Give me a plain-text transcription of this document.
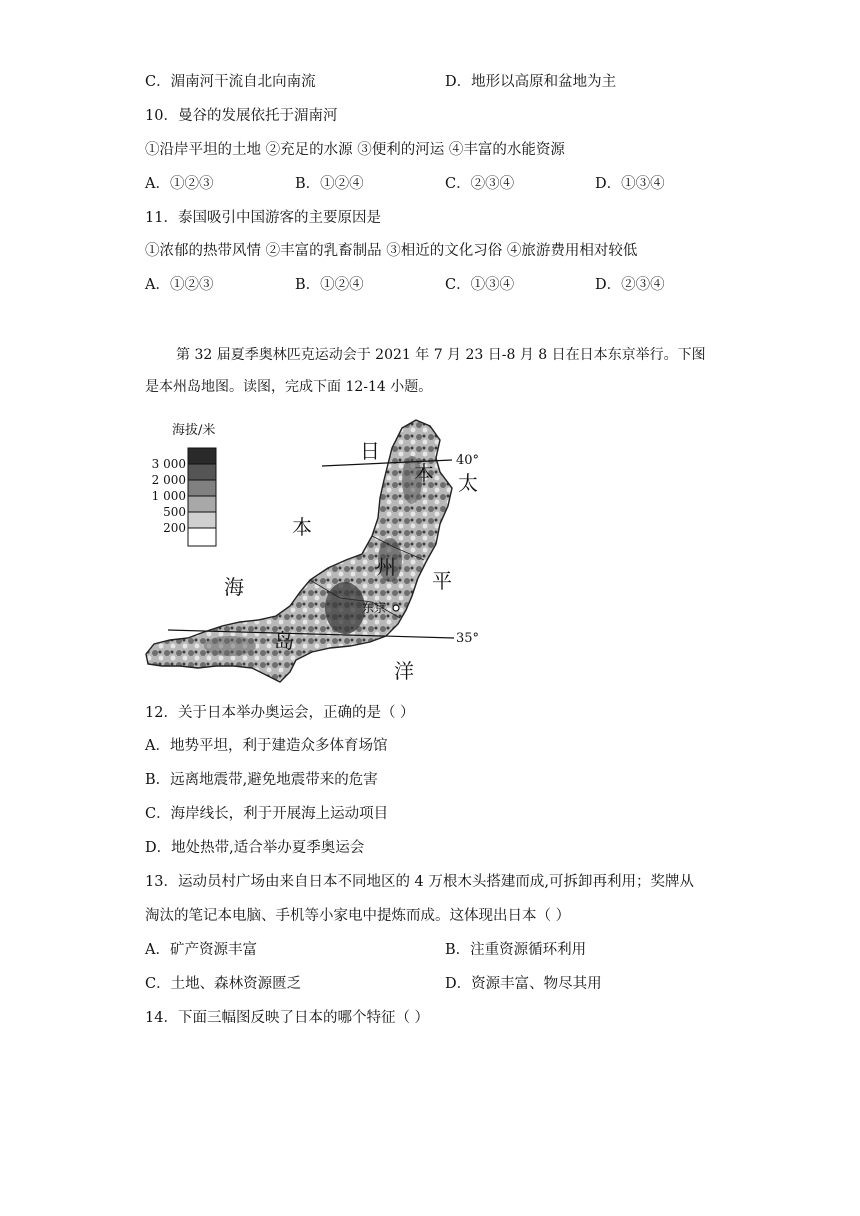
C．湄南河干流自北向南流	D．地形以高原和盆地为主
10．曼谷的发展依托于湄南河
①沿岸平坦的土地 ②充足的水源 ③便利的河运 ④丰富的水能资源
A．①②③	B．①②④	C．②③④	D．①③④
11．泰国吸引中国游客的主要原因是
①浓郁的热带风情 ②丰富的乳畜制品 ③相近的文化习俗 ④旅游费用相对较低
A．①②③	B．①②④	C．①③④	D．②③④
第 32 届夏季奥林匹克运动会于 2021 年 7 月 23 日-8 月 8 日在日本东京举行。下图
是本州岛地图。读图，完成下面 12-14 小题。
海拔/米
3 000
2 000
1 000
500
200
40°
35°
东京
日
本 太
本
州
平
海
岛
洋
12．关于日本举办奥运会，正确的是（ ）
A．地势平坦，利于建造众多体育场馆
B．远离地震带,避免地震带来的危害
C．海岸线长，利于开展海上运动项目
D．地处热带,适合举办夏季奥运会
13．运动员村广场由来自日本不同地区的 4 万根木头搭建而成,可拆卸再利用；奖牌从
淘汰的笔记本电脑、手机等小家电中提炼而成。这体现出日本（ ）
A．矿产资源丰富	B．注重资源循环利用
C．土地、森林资源匮乏	D．资源丰富、物尽其用
14．下面三幅图反映了日本的哪个特征（ ）
